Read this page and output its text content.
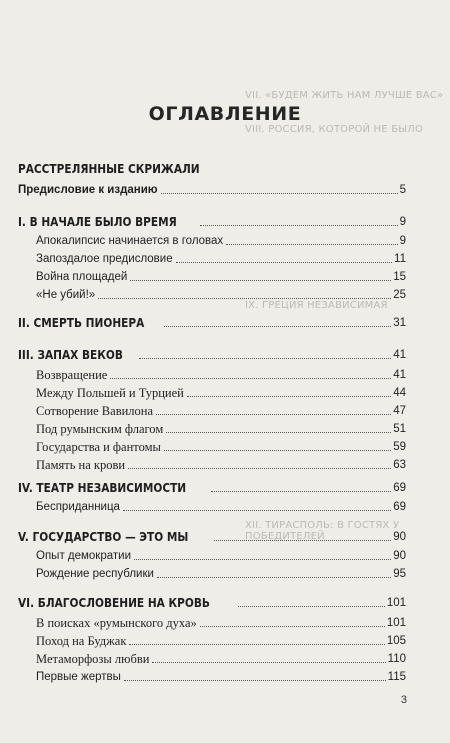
VII. «БУДЕМ ЖИТЬ НАМ ЛУЧШЕ ВАС»
VIII. РОССИЯ, КОТОРОЙ НЕ БЫЛО
IX. ГРЕЦИЯ НЕЗАВИСИМАЯ
XII. ТИРАСПОЛЬ: В ГОСТЯХ У ПОБЕДИТЕЛЕЙ
ОГЛАВЛЕНИЕ
РАССТРЕЛЯННЫЕ СКРИЖАЛИ
Предисловие к изданию	5
I. В НАЧАЛЕ БЫЛО ВРЕМЯ	9
Апокалипсис начинается в головах	9
Запоздалое предисловие	11
Война площадей	15
«Не убий!»	25
II. СМЕРТЬ ПИОНЕРА	31
III. ЗАПАХ ВЕКОВ	41
Возвращение	41
Между Польшей и Турцией	44
Сотворение Вавилона	47
Под румынским флагом	51
Государства и фантомы	59
Память на крови	63
IV. ТЕАТР НЕЗАВИСИМОСТИ	69
Бесприданница	69
V. ГОСУДАРСТВО — ЭТО МЫ	90
Опыт демократии	90
Рождение республики	95
VI. БЛАГОСЛОВЕНИЕ НА КРОВЬ	101
В поисках «румынского духа»	101
Поход на Буджак	105
Метаморфозы любви	110
Первые жертвы	115
3
